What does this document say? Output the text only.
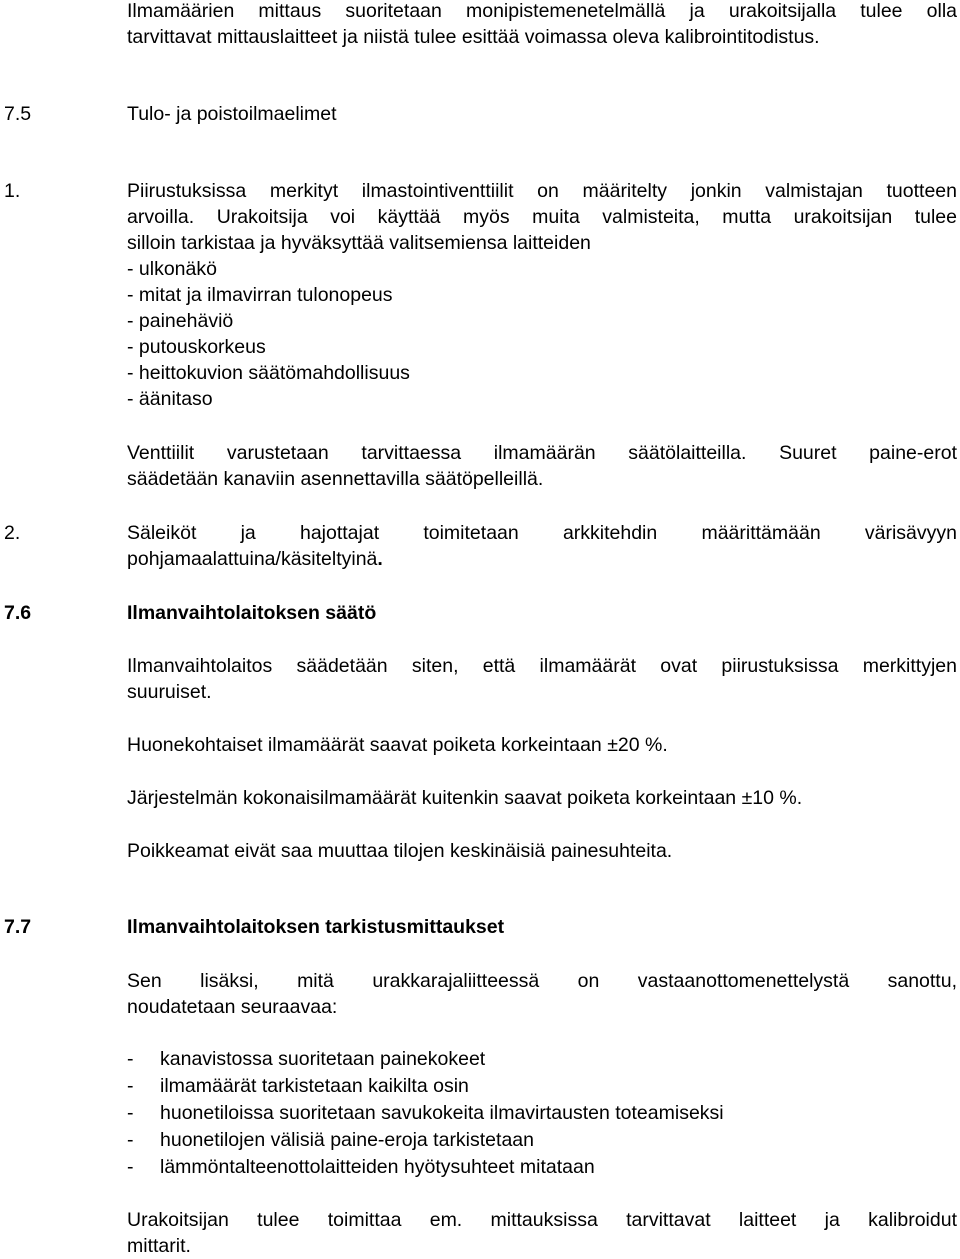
Ilmamäärien mittaus suoritetaan monipistemenetelmällä ja urakoitsijalla tulee olla
tarvittavat mittauslaitteet ja niistä tulee esittää voimassa oleva kalibrointitodistus.
7.5	Tulo- ja poistoilmaelimet
1.	Piirustuksissa merkityt ilmastointiventtiilit on määritelty jonkin valmistajan tuotteen
arvoilla. Urakoitsija voi käyttää myös muita valmisteita, mutta urakoitsijan tulee
silloin tarkistaa ja hyväksyttää valitsemiensa laitteiden
- ulkonäkö
- mitat ja ilmavirran tulonopeus
- painehäviö
- putouskorkeus
- heittokuvion säätömahdollisuus
- äänitaso
Venttiilit varustetaan tarvittaessa ilmamäärän säätölaitteilla. Suuret paine-erot
säädetään kanaviin asennettavilla säätöpelleillä.
2.	Säleiköt ja hajottajat toimitetaan arkkitehdin määrittämään värisävyyn
pohjamaalattuina/käsiteltyinä.
7.6	Ilmanvaihtolaitoksen säätö
Ilmanvaihtolaitos säädetään siten, että ilmamäärät ovat piirustuksissa merkittyjen
suuruiset.
Huonekohtaiset ilmamäärät saavat poiketa korkeintaan ±20 %.
Järjestelmän kokonaisilmamäärät kuitenkin saavat poiketa korkeintaan ±10 %.
Poikkeamat eivät saa muuttaa tilojen keskinäisiä painesuhteita.
7.7	Ilmanvaihtolaitoksen tarkistusmittaukset
Sen lisäksi, mitä urakkarajaliitteessä on vastaanottomenettelystä sanottu,
noudatetaan seuraavaa:
- kanavistossa suoritetaan painekokeet
- ilmamäärät tarkistetaan kaikilta osin
- huonetiloissa suoritetaan savukokeita ilmavirtausten toteamiseksi
- huonetilojen välisiä paine-eroja tarkistetaan
- lämmöntalteenottolaitteiden hyötysuhteet mitataan
Urakoitsijan tulee toimittaa em. mittauksissa tarvittavat laitteet ja kalibroidut
mittarit.
